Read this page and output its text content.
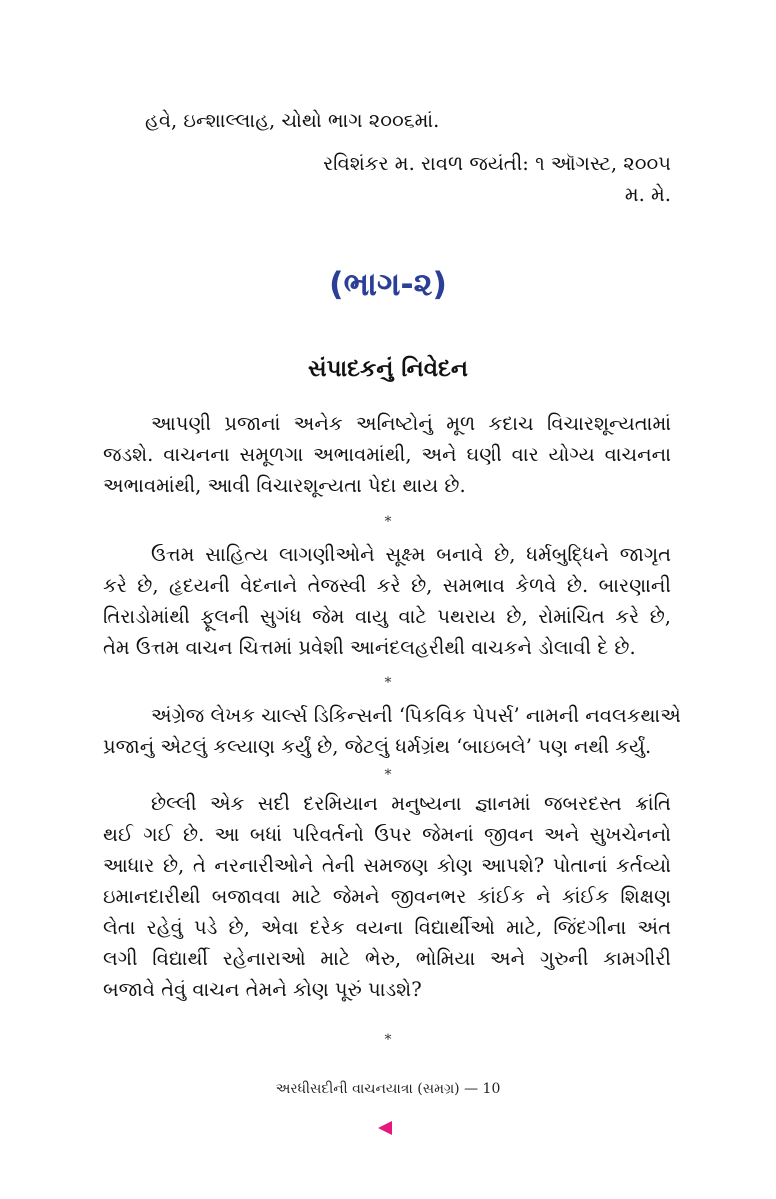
હવે, ઇન્શાલ્લાહ, ચોથો ભાગ ૨૦૦૬માં.
રવિશંકર મ. રાવળ જયંતી: ૧ ઑગસ્ટ, ૨૦૦૫
મ. મે.
(ભાગ-૨)
સંપાદકનું નિવેદન
આપણી પ્રજાનાં અનેક અનિષ્ટોનું મૂળ કદાચ વિચારશૂન્યતામાં
જડશે. વાચનના સમૂળગા અભાવમાંથી, અને ઘણી વાર યોગ્ય વાચનના
અભાવમાંથી, આવી વિચારશૂન્યતા પેદા થાય છે.
*
ઉત્તમ સાહિત્ય લાગણીઓને સૂક્ષ્મ બનાવે છે, ધર્મબુદ્ધિને જાગૃત
કરે છે, હૃદયની વેદનાને તેજસ્વી કરે છે, સમભાવ કેળવે છે. બારણાની
તિરાડોમાંથી ફૂલની સુગંધ જેમ વાયુ વાટે પથરાય છે, રોમાંચિત કરે છે,
તેમ ઉત્તમ વાચન ચિત્તમાં પ્રવેશી આનંદલહરીથી વાચકને ડોલાવી દે છે.
*
અંગ્રેજ લેખક ચાર્લ્સ ડિકિન્સની ‘પિકવિક પેપર્સ’ નામની નવલકથાએ
પ્રજાનું એટલું કલ્યાણ કર્યું છે, જેટલું ધર્મગ્રંથ ‘બાઇબલે’ પણ નથી કર્યું.
*
છેલ્લી એક સદી દરમિયાન મનુષ્યના જ્ઞાનમાં જબરદસ્ત ક્રાંતિ
થઈ ગઈ છે. આ બધાં પરિવર્તનો ઉપર જેમનાં જીવન અને સુખચેનનો
આધાર છે, તે નરનારીઓને તેની સમજણ કોણ આપશે? પોતાનાં કર્તવ્યો
ઇમાનદારીથી બજાવવા માટે જેમને જીવનભર કાંઈક ને કાંઈક શિક્ષણ
લેતા રહેવું પડે છે, એવા દરેક વયના વિદ્યાર્થીઓ માટે, જિંદગીના અંત
લગી વિદ્યાર્થી રહેનારાઓ માટે ભેરુ, ભોમિયા અને ગુરુની કામગીરી
બજાવે તેવું વાચન તેમને કોણ પૂરું પાડશે?
*
અરધીસદીની વાચનયાત્રા (સમગ્ર) — 10
